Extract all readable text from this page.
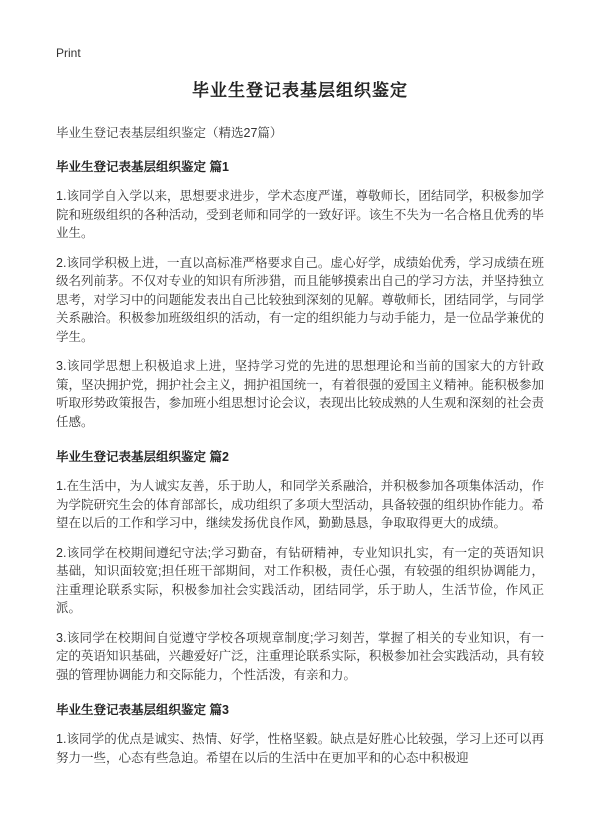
Print
毕业生登记表基层组织鉴定
毕业生登记表基层组织鉴定（精选27篇）
毕业生登记表基层组织鉴定 篇1

1.该同学自入学以来，思想要求进步，学术态度严谨，尊敬师长，团结同学，积极参加学院和班级组织的各种活动，受到老师和同学的一致好评。该生不失为一名合格且优秀的毕业生。

2.该同学积极上进，一直以高标准严格要求自己。虚心好学，成绩始优秀，学习成绩在班级名列前茅。不仅对专业的知识有所涉猎，而且能够摸索出自己的学习方法，并坚持独立思考，对学习中的问题能发表出自己比较独到深刻的见解。尊敬师长，团结同学，与同学关系融洽。积极参加班级组织的活动，有一定的组织能力与动手能力，是一位品学兼优的学生。

3.该同学思想上积极追求上进，坚持学习党的先进的思想理论和当前的国家大的方针政策，坚决拥护党，拥护社会主义，拥护祖国统一，有着很强的爱国主义精神。能积极参加听取形势政策报告，参加班小组思想讨论会议，表现出比较成熟的人生观和深刻的社会责任感。

毕业生登记表基层组织鉴定 篇2

1.在生活中，为人诚实友善，乐于助人，和同学关系融洽，并积极参加各项集体活动，作为学院研究生会的体育部部长，成功组织了多项大型活动，具备较强的组织协作能力。希望在以后的工作和学习中，继续发扬优良作风，勤勤恳恳，争取取得更大的成绩。

2.该同学在校期间遵纪守法;学习勤奋，有钻研精神，专业知识扎实，有一定的英语知识基础，知识面较宽;担任班干部期间，对工作积极，责任心强，有较强的组织协调能力，注重理论联系实际，积极参加社会实践活动，团结同学，乐于助人，生活节俭，作风正派。

3.该同学在校期间自觉遵守学校各项规章制度;学习刻苦，掌握了相关的专业知识，有一定的英语知识基础，兴趣爱好广泛，注重理论联系实际，积极参加社会实践活动，具有较强的管理协调能力和交际能力，个性活泼，有亲和力。

毕业生登记表基层组织鉴定 篇3

1.该同学的优点是诚实、热情、好学，性格坚毅。缺点是好胜心比较强，学习上还可以再努力一些，心态有些急迫。希望在以后的生活中在更加平和的心态中积极迎
